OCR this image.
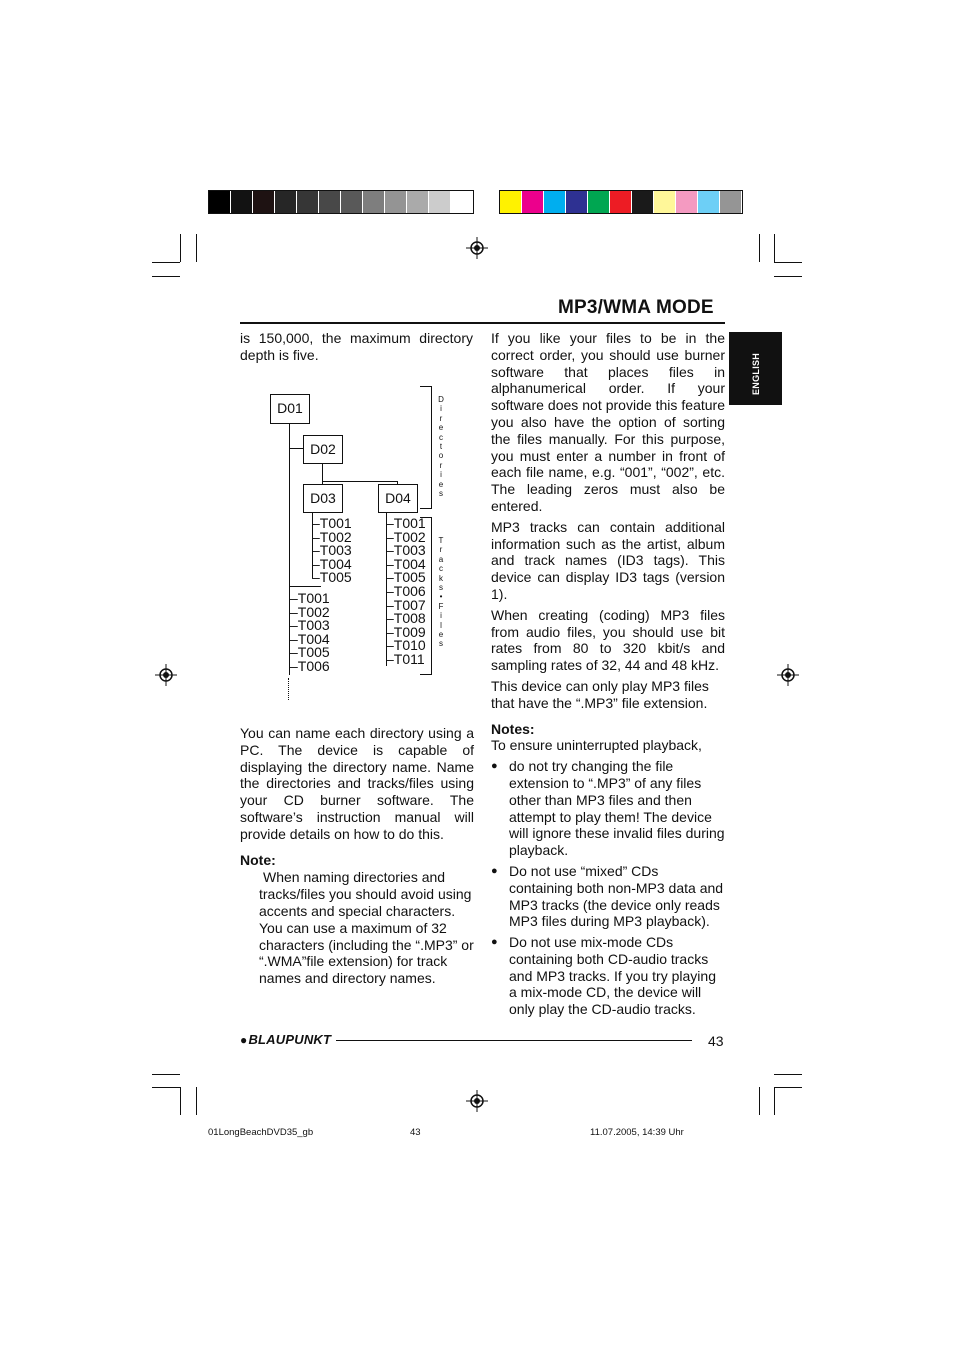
MP3/WMA MODE
ENGLISH

is 150,000, the maximum directory depth is five.

D01
D02
D03	D04
–T001
–T002
–T003
–T004
–T005
–T001
–T002
–T003
–T004
–T005
–T006
–T007
–T008
–T009
–T010
–T011
–T001
–T002
–T003
–T004
–T005
–T006
D
i
r
e
c
t
o
r
i
e
s
T
r
a
c
k
s
•
F
i
l
e
s

You can name each directory using a PC. The device is capable of displaying the directory name. Name the directories and tracks/files using your CD burner software. The software’s instruction manual will provide details on how to do this.

Note:

When naming directories and tracks/files you should avoid using accents and special characters. You can use a maximum of 32 characters (including the “.MP3” or “.WMA”file extension) for track names and directory names.

If you like your files to be in the correct order, you should use burner software that places files in alphanumerical order. If your software does not provide this feature you also have the option of sorting the files manually. For this purpose, you must enter a number in front of each file name, e.g. “001”, “002”, etc. The leading zeros must also be entered.

MP3 tracks can contain additional information such as the artist, album and track names (ID3 tags). This device can display ID3 tags (version 1).

When creating (coding) MP3 files from audio files, you should use bit rates from 80 to 320 kbit/s and sampling rates of 32, 44 and 48 kHz.

This device can only play MP3 files that have the “.MP3” file extension.

Notes:

To ensure uninterrupted playback,

● do not try changing the file extension to “.MP3” of any files other than MP3 files and then attempt to play them! The device will ignore these invalid files during playback.
● Do not use “mixed” CDs containing both non-MP3 data and MP3 tracks (the device only reads MP3 files during MP3 playback).
● Do not use mix-mode CDs containing both CD-audio tracks and MP3 tracks. If you try playing a mix-mode CD, the device will only play the CD-audio tracks.
●BLAUPUNKT	43
01LongBeachDVD35_gb	43	11.07.2005, 14:39 Uhr
